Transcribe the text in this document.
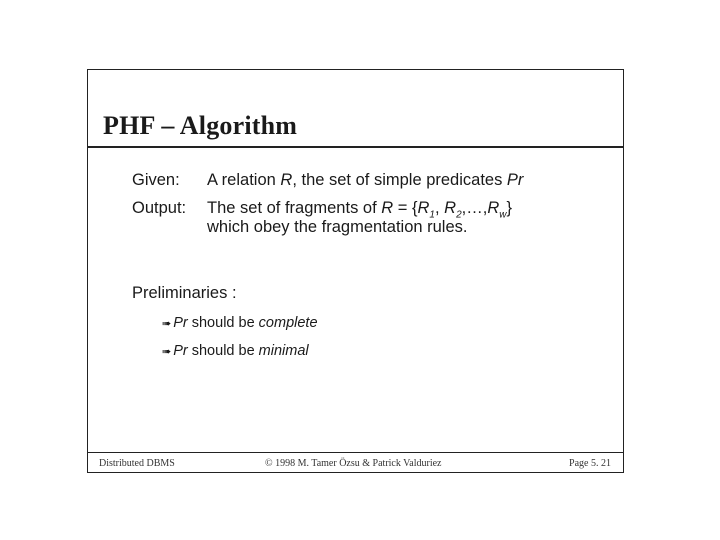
PHF – Algorithm
Given: A relation R, the set of simple predicates Pr
Output: The set of fragments of $R = \{R_1$, $R_2,\dots,R_w$}
which obey the fragmentation rules.
Preliminaries :
➠ Pr should be complete
➠ Pr should be minimal
Distributed DBMS	© 1998 M. Tamer Özsu & Patrick Valduriez	Page 5. 21
